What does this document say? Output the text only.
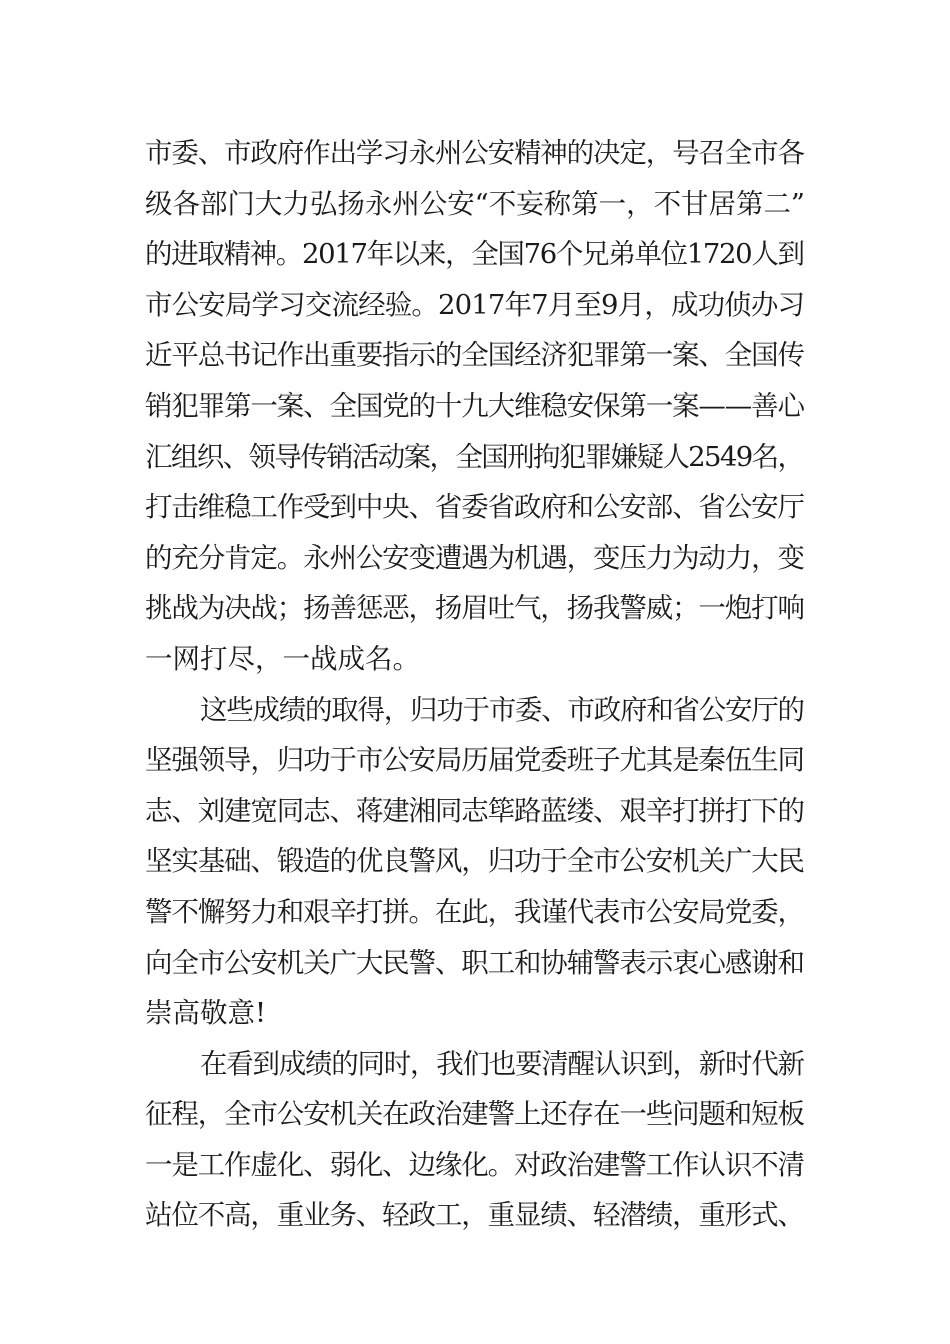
市委、市政府作出学习永州公安精神的决定，号召全市各
级各部门大力弘扬永州公安“不妄称第一，不甘居第二”
的进取精神。2017年以来，全国76个兄弟单位1720人到
市公安局学习交流经验。2017年7月至9月，成功侦办习
近平总书记作出重要指示的全国经济犯罪第一案、全国传
销犯罪第一案、全国党的十九大维稳安保第一案——善心
汇组织、领导传销活动案，全国刑拘犯罪嫌疑人2549名，
打击维稳工作受到中央、省委省政府和公安部、省公安厅
的充分肯定。永州公安变遭遇为机遇，变压力为动力，变
挑战为决战；扬善惩恶，扬眉吐气，扬我警威；一炮打响
一网打尽，一战成名。
这些成绩的取得，归功于市委、市政府和省公安厅的
坚强领导，归功于市公安局历届党委班子尤其是秦伍生同
志、刘建宽同志、蒋建湘同志筚路蓝缕、艰辛打拼打下的
坚实基础、锻造的优良警风，归功于全市公安机关广大民
警不懈努力和艰辛打拼。在此，我谨代表市公安局党委，
向全市公安机关广大民警、职工和协辅警表示衷心感谢和
崇高敬意!
在看到成绩的同时，我们也要清醒认识到，新时代新
征程，全市公安机关在政治建警上还存在一些问题和短板
一是工作虚化、弱化、边缘化。对政治建警工作认识不清
站位不高，重业务、轻政工，重显绩、轻潜绩，重形式、
